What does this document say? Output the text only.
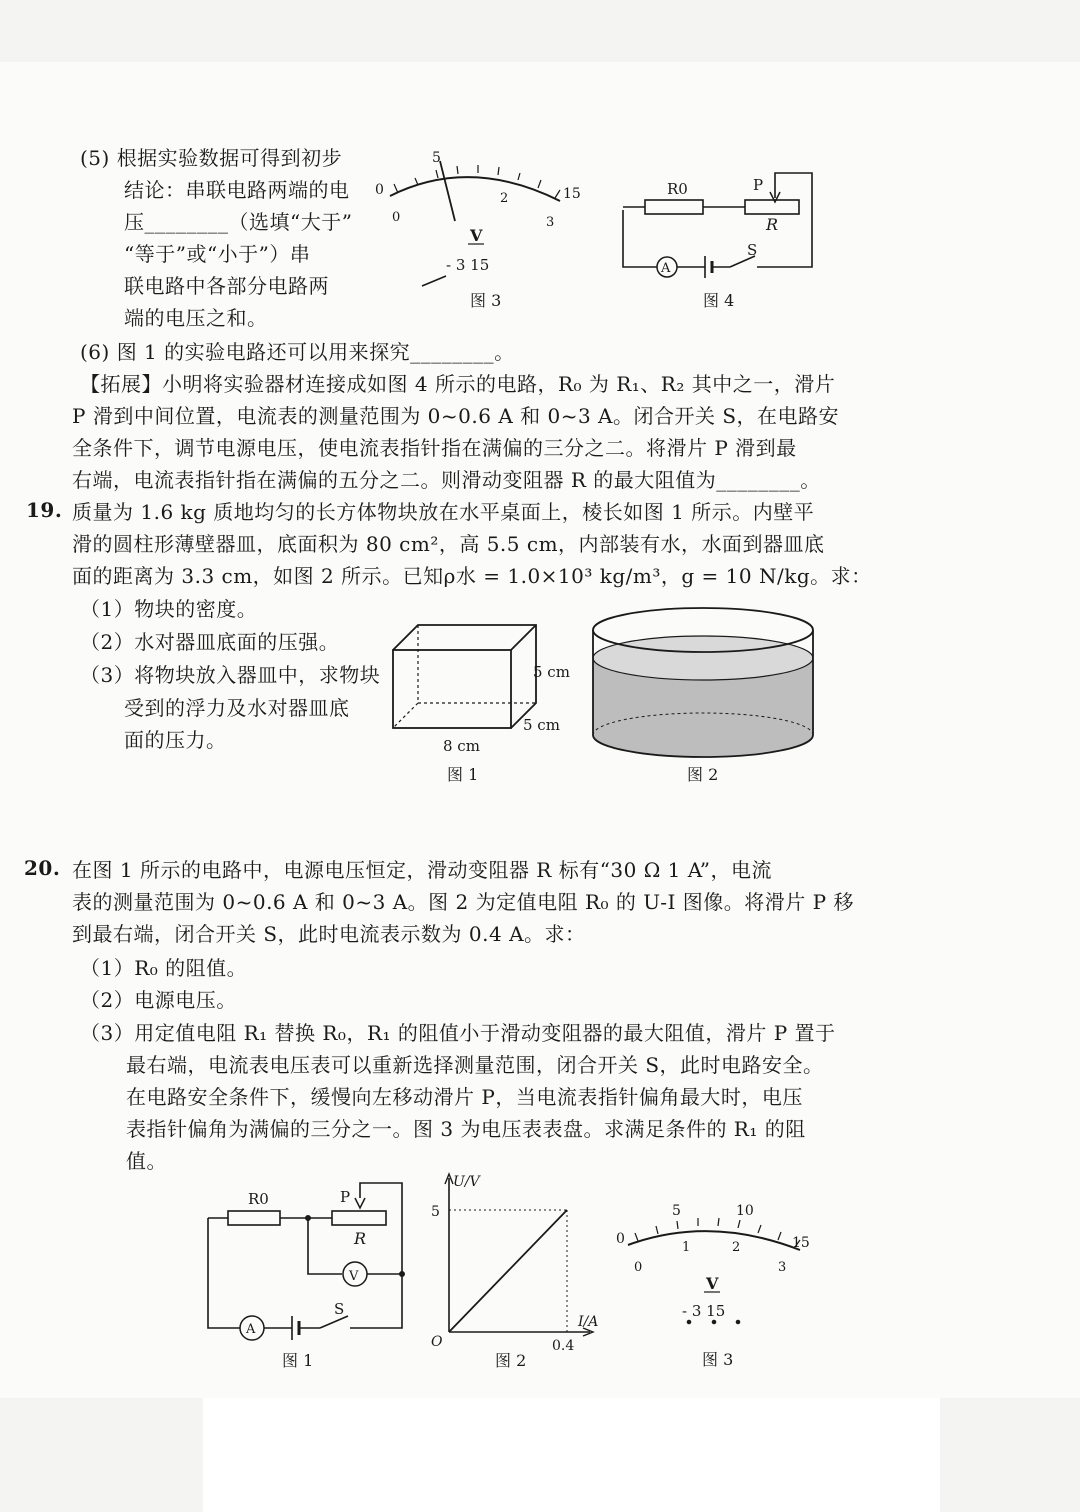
(5) 根据实验数据可得到初步
结论：串联电路两端的电
压________（选填“大于”
“等于”或“小于”）串
联电路中各部分电路两
端的电压之和。
(6) 图 1 的实验电路还可以用来探究________。
【拓展】小明将实验器材连接成如图 4 所示的电路，R₀ 为 R₁、R₂ 其中之一，滑片
P 滑到中间位置，电流表的测量范围为 0~0.6 A 和 0~3 A。闭合开关 S，在电路安
全条件下，调节电源电压，使电流表指针指在满偏的三分之二。将滑片 P 滑到最
右端，电流表指针指在满偏的五分之二。则滑动变阻器 R 的最大阻值为________。
0
5
15
0
2
3
V
- 3 15
图 3
A
R0	P
R
S
图 4
19. 质量为 1.6 kg 质地均匀的长方体物块放在水平桌面上，棱长如图 1 所示。内壁平
滑的圆柱形薄壁器皿，底面积为 80 cm²，高 5.5 cm，内部装有水，水面到器皿底
面的距离为 3.3 cm，如图 2 所示。已知ρ水 = 1.0×10³ kg/m³，g = 10 N/kg。求：
（1）物块的密度。
（2）水对器皿底面的压强。
（3）将物块放入器皿中，求物块
受到的浮力及水对器皿底
面的压力。
5 cm
5 cm
8 cm
图 1	图 2
20. 在图 1 所示的电路中，电源电压恒定，滑动变阻器 R 标有“30 Ω 1 A”，电流
表的测量范围为 0~0.6 A 和 0~3 A。图 2 为定值电阻 R₀ 的 U-I 图像。将滑片 P 移
到最右端，闭合开关 S，此时电流表示数为 0.4 A。求：
（1）R₀ 的阻值。
（2）电源电压。
（3）用定值电阻 R₁ 替换 R₀，R₁ 的阻值小于滑动变阻器的最大阻值，滑片 P 置于
最右端，电流表电压表可以重新选择测量范围，闭合开关 S，此时电路安全。
在电路安全条件下，缓慢向左移动滑片 P，当电流表指针偏角最大时，电压
表指针偏角为满偏的三分之一。图 3 为电压表表盘。求满足条件的 R₁ 的阻
值。
V
A
R0	P
R
S
图 1
U/V
I/A
O
5
0.4
图 2
0
5	10
15
0
1	2
3
V
- 3 15
图 3
